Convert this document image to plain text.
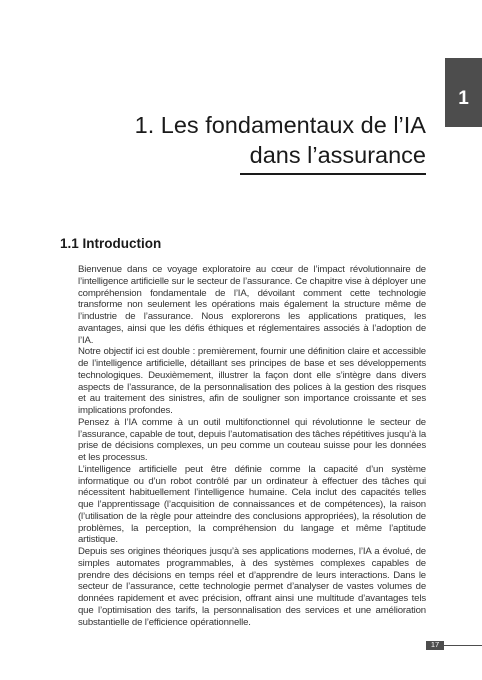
1
1. Les fondamentaux de l’IA
dans l’assurance
1.1 Introduction

Bienvenue dans ce voyage exploratoire au cœur de l’impact révolutionnaire de l’intelligence artificielle sur le secteur de l’assurance. Ce chapitre vise à déployer une compréhension fondamentale de l’IA, dévoilant comment cette technologie transforme non seulement les opérations mais également la structure même de l’industrie de l’assurance. Nous explorerons les applications pratiques, les avantages, ainsi que les défis éthiques et réglementaires associés à l’adoption de l’IA.

Notre objectif ici est double : premièrement, fournir une définition claire et accessible de l’intelligence artificielle, détaillant ses principes de base et ses développements technologiques. Deuxièmement, illustrer la façon dont elle s’intègre dans divers aspects de l’assurance, de la personnalisation des polices à la gestion des risques et au traitement des sinistres, afin de souligner son importance croissante et ses implications profondes.

Pensez à l’IA comme à un outil multifonctionnel qui révolutionne le secteur de l’assurance, capable de tout, depuis l’automatisation des tâches répétitives jusqu’à la prise de décisions complexes, un peu comme un couteau suisse pour les données et les processus.

L’intelligence artificielle peut être définie comme la capacité d’un système informatique ou d’un robot contrôlé par un ordinateur à effectuer des tâches qui nécessitent habituellement l’intelligence humaine. Cela inclut des capacités telles que l’apprentissage (l’acquisition de connaissances et de compétences), la raison (l’utilisation de la règle pour atteindre des conclusions appropriées), la résolution de problèmes, la perception, la compréhension du langage et même l’aptitude artistique.

Depuis ses origines théoriques jusqu’à ses applications modernes, l’IA a évolué, de simples automates programmables, à des systèmes complexes capables de prendre des décisions en temps réel et d’apprendre de leurs interactions. Dans le secteur de l’assurance, cette technologie permet d’analyser de vastes volumes de données rapidement et avec précision, offrant ainsi une multitude d’avantages tels que l’optimisation des tarifs, la personnalisation des services et une amélioration substantielle de l’efficience opérationnelle.

17
